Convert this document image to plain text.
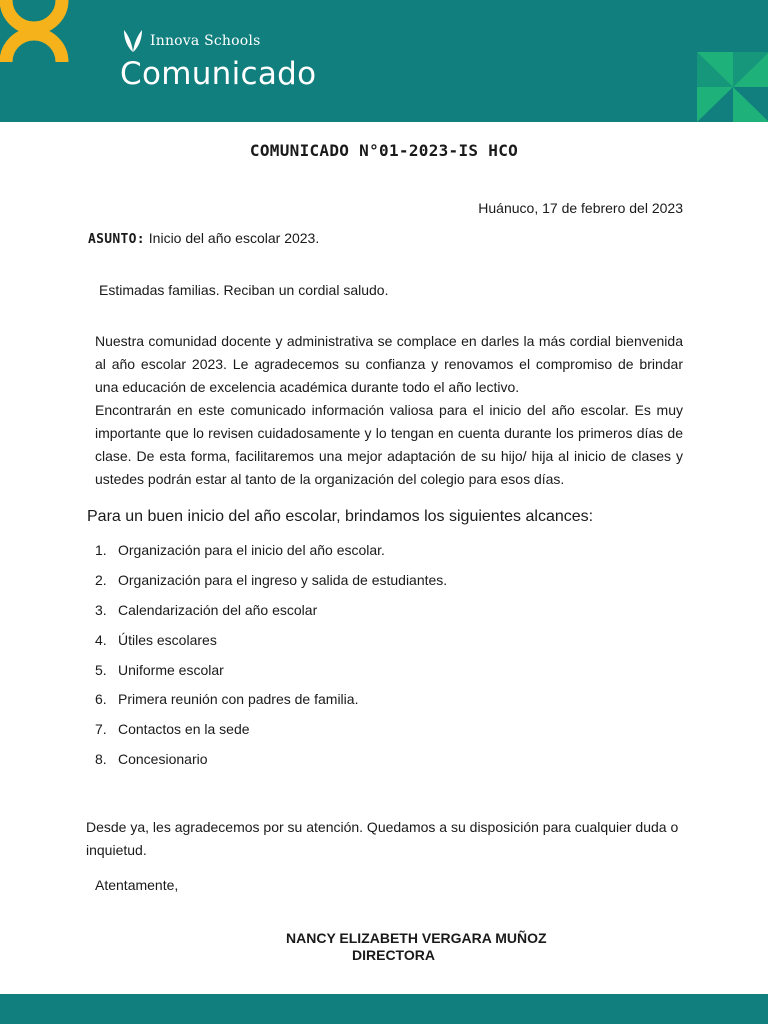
Innova Schools
Comunicado
COMUNICADO N°01-2023-IS HCO
Huánuco, 17 de febrero del 2023
ASUNTO: Inicio del año escolar 2023.
Estimadas familias. Reciban un cordial saludo.

Nuestra comunidad docente y administrativa se complace en darles la más cordial bienvenida al año escolar 2023. Le agradecemos su confianza y renovamos el compromiso de brindar una educación de excelencia académica durante todo el año lectivo.

Encontrarán en este comunicado información valiosa para el inicio del año escolar. Es muy importante que lo revisen cuidadosamente y lo tengan en cuenta durante los primeros días de clase. De esta forma, facilitaremos una mejor adaptación de su hijo/ hija al inicio de clases y ustedes podrán estar al tanto de la organización del colegio para esos días.

Para un buen inicio del año escolar, brindamos los siguientes alcances:
1. Organización para el inicio del año escolar.
2. Organización para el ingreso y salida de estudiantes.
3. Calendarización del año escolar
4. Útiles escolares
5. Uniforme escolar
6. Primera reunión con padres de familia.
7. Contactos en la sede
8. Concesionario
Desde ya, les agradecemos por su atención. Quedamos a su disposición para cualquier duda o inquietud.
Atentamente,
NANCY ELIZABETH VERGARA MUÑOZ
DIRECTORA
